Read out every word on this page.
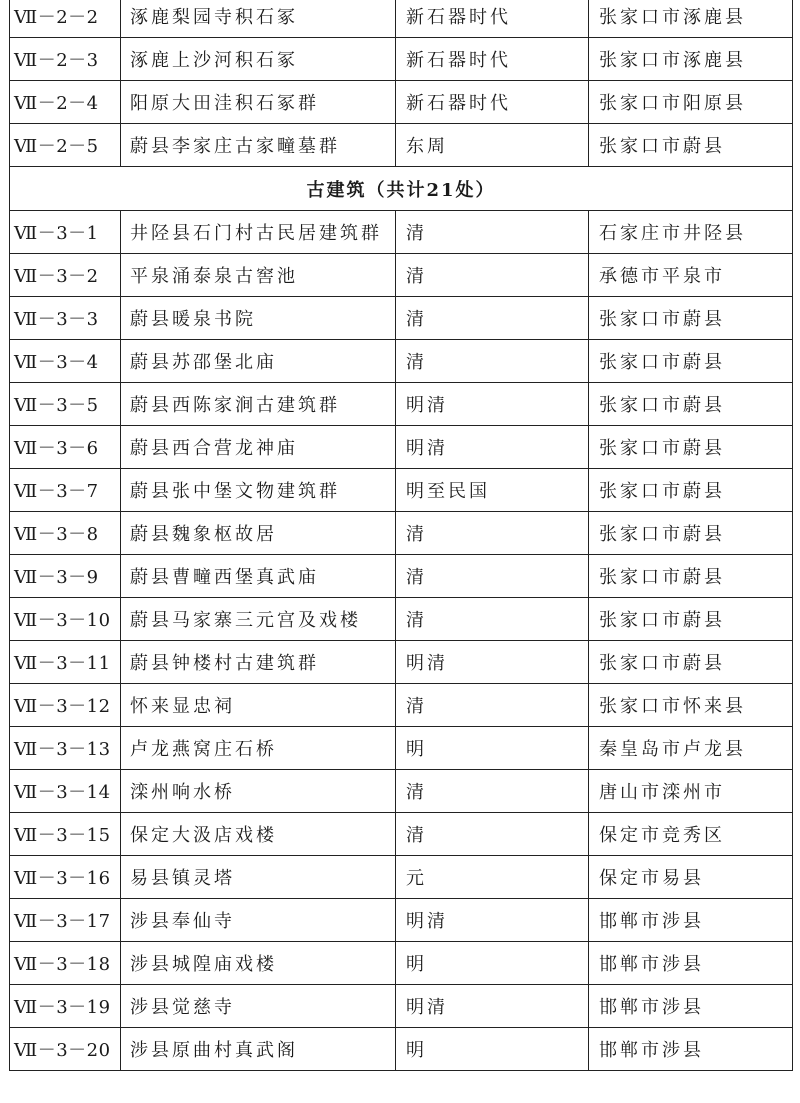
Ⅶ－2－2	涿鹿梨园寺积石冢	新石器时代	张家口市涿鹿县
Ⅶ－2－3	涿鹿上沙河积石冢	新石器时代	张家口市涿鹿县
Ⅶ－2－4	阳原大田洼积石冢群	新石器时代	张家口市阳原县
Ⅶ－2－5	蔚县李家庄古家疃墓群	东周	张家口市蔚县
古建筑（共计21处）			
Ⅶ－3－1	井陉县石门村古民居建筑群	清	石家庄市井陉县
Ⅶ－3－2	平泉涌泰泉古窖池	清	承德市平泉市
Ⅶ－3－3	蔚县暖泉书院	清	张家口市蔚县
Ⅶ－3－4	蔚县苏邵堡北庙	清	张家口市蔚县
Ⅶ－3－5	蔚县西陈家涧古建筑群	明清	张家口市蔚县
Ⅶ－3－6	蔚县西合营龙神庙	明清	张家口市蔚县
Ⅶ－3－7	蔚县张中堡文物建筑群	明至民国	张家口市蔚县
Ⅶ－3－8	蔚县魏象枢故居	清	张家口市蔚县
Ⅶ－3－9	蔚县曹疃西堡真武庙	清	张家口市蔚县
Ⅶ－3－10	蔚县马家寨三元宫及戏楼	清	张家口市蔚县
Ⅶ－3－11	蔚县钟楼村古建筑群	明清	张家口市蔚县
Ⅶ－3－12	怀来显忠祠	清	张家口市怀来县
Ⅶ－3－13	卢龙燕窝庄石桥	明	秦皇岛市卢龙县
Ⅶ－3－14	滦州响水桥	清	唐山市滦州市
Ⅶ－3－15	保定大汲店戏楼	清	保定市竞秀区
Ⅶ－3－16	易县镇灵塔	元	保定市易县
Ⅶ－3－17	涉县奉仙寺	明清	邯郸市涉县
Ⅶ－3－18	涉县城隍庙戏楼	明	邯郸市涉县
Ⅶ－3－19	涉县觉慈寺	明清	邯郸市涉县
Ⅶ－3－20	涉县原曲村真武阁	明	邯郸市涉县
